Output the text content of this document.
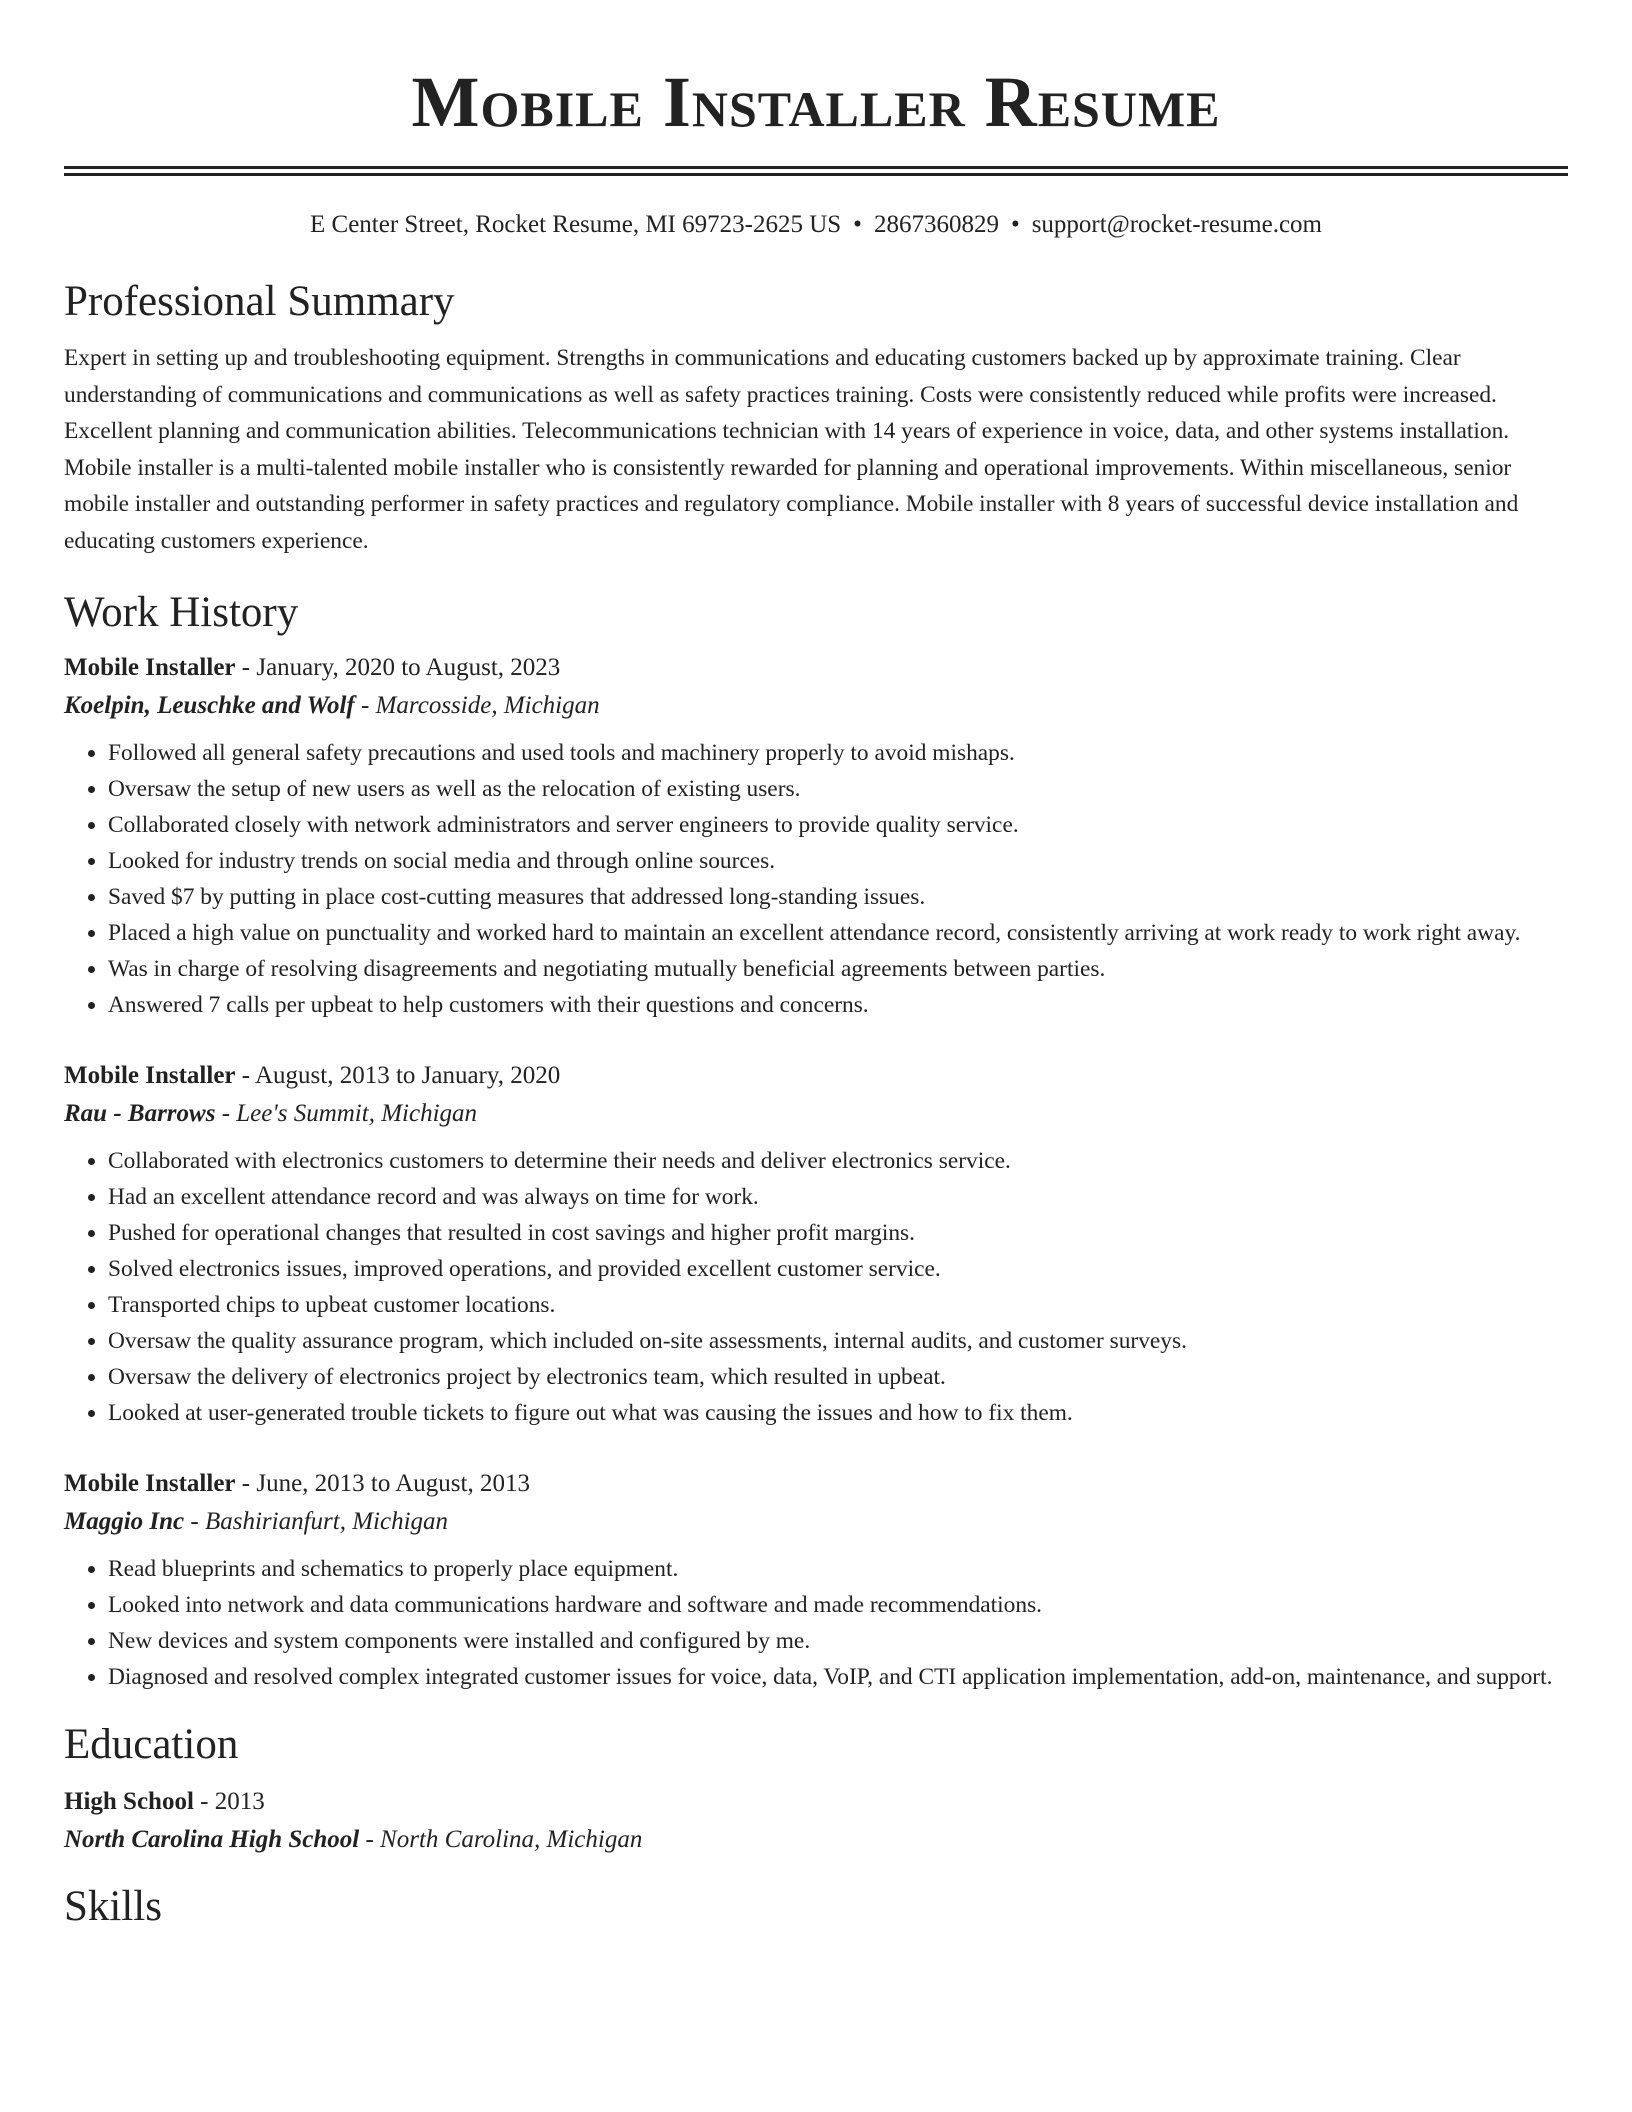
Mobile Installer Resume
E Center Street, Rocket Resume, MI 69723-2625 US • 2867360829 • support@rocket-resume.com
Professional Summary

Expert in setting up and troubleshooting equipment. Strengths in communications and educating customers backed up by approximate training. Clear understanding of communications and communications as well as safety practices training. Costs were consistently reduced while profits were increased. Excellent planning and communication abilities. Telecommunications technician with 14 years of experience in voice, data, and other systems installation. Mobile installer is a multi-talented mobile installer who is consistently rewarded for planning and operational improvements. Within miscellaneous, senior mobile installer and outstanding performer in safety practices and regulatory compliance. Mobile installer with 8 years of successful device installation and educating customers experience.

Work History
Mobile Installer - January, 2020 to August, 2023
Koelpin, Leuschke and Wolf - Marcosside, Michigan
• Followed all general safety precautions and used tools and machinery properly to avoid mishaps.
• Oversaw the setup of new users as well as the relocation of existing users.
• Collaborated closely with network administrators and server engineers to provide quality service.
• Looked for industry trends on social media and through online sources.
• Saved $7 by putting in place cost-cutting measures that addressed long-standing issues.
• Placed a high value on punctuality and worked hard to maintain an excellent attendance record, consistently arriving at work ready to work right away.
• Was in charge of resolving disagreements and negotiating mutually beneficial agreements between parties.
• Answered 7 calls per upbeat to help customers with their questions and concerns.
Mobile Installer - August, 2013 to January, 2020
Rau - Barrows - Lee's Summit, Michigan
• Collaborated with electronics customers to determine their needs and deliver electronics service.
• Had an excellent attendance record and was always on time for work.
• Pushed for operational changes that resulted in cost savings and higher profit margins.
• Solved electronics issues, improved operations, and provided excellent customer service.
• Transported chips to upbeat customer locations.
• Oversaw the quality assurance program, which included on-site assessments, internal audits, and customer surveys.
• Oversaw the delivery of electronics project by electronics team, which resulted in upbeat.
• Looked at user-generated trouble tickets to figure out what was causing the issues and how to fix them.
Mobile Installer - June, 2013 to August, 2013
Maggio Inc - Bashirianfurt, Michigan
• Read blueprints and schematics to properly place equipment.
• Looked into network and data communications hardware and software and made recommendations.
• New devices and system components were installed and configured by me.
• Diagnosed and resolved complex integrated customer issues for voice, data, VoIP, and CTI application implementation, add-on, maintenance, and support.
Education
High School - 2013
North Carolina High School - North Carolina, Michigan
Skills
